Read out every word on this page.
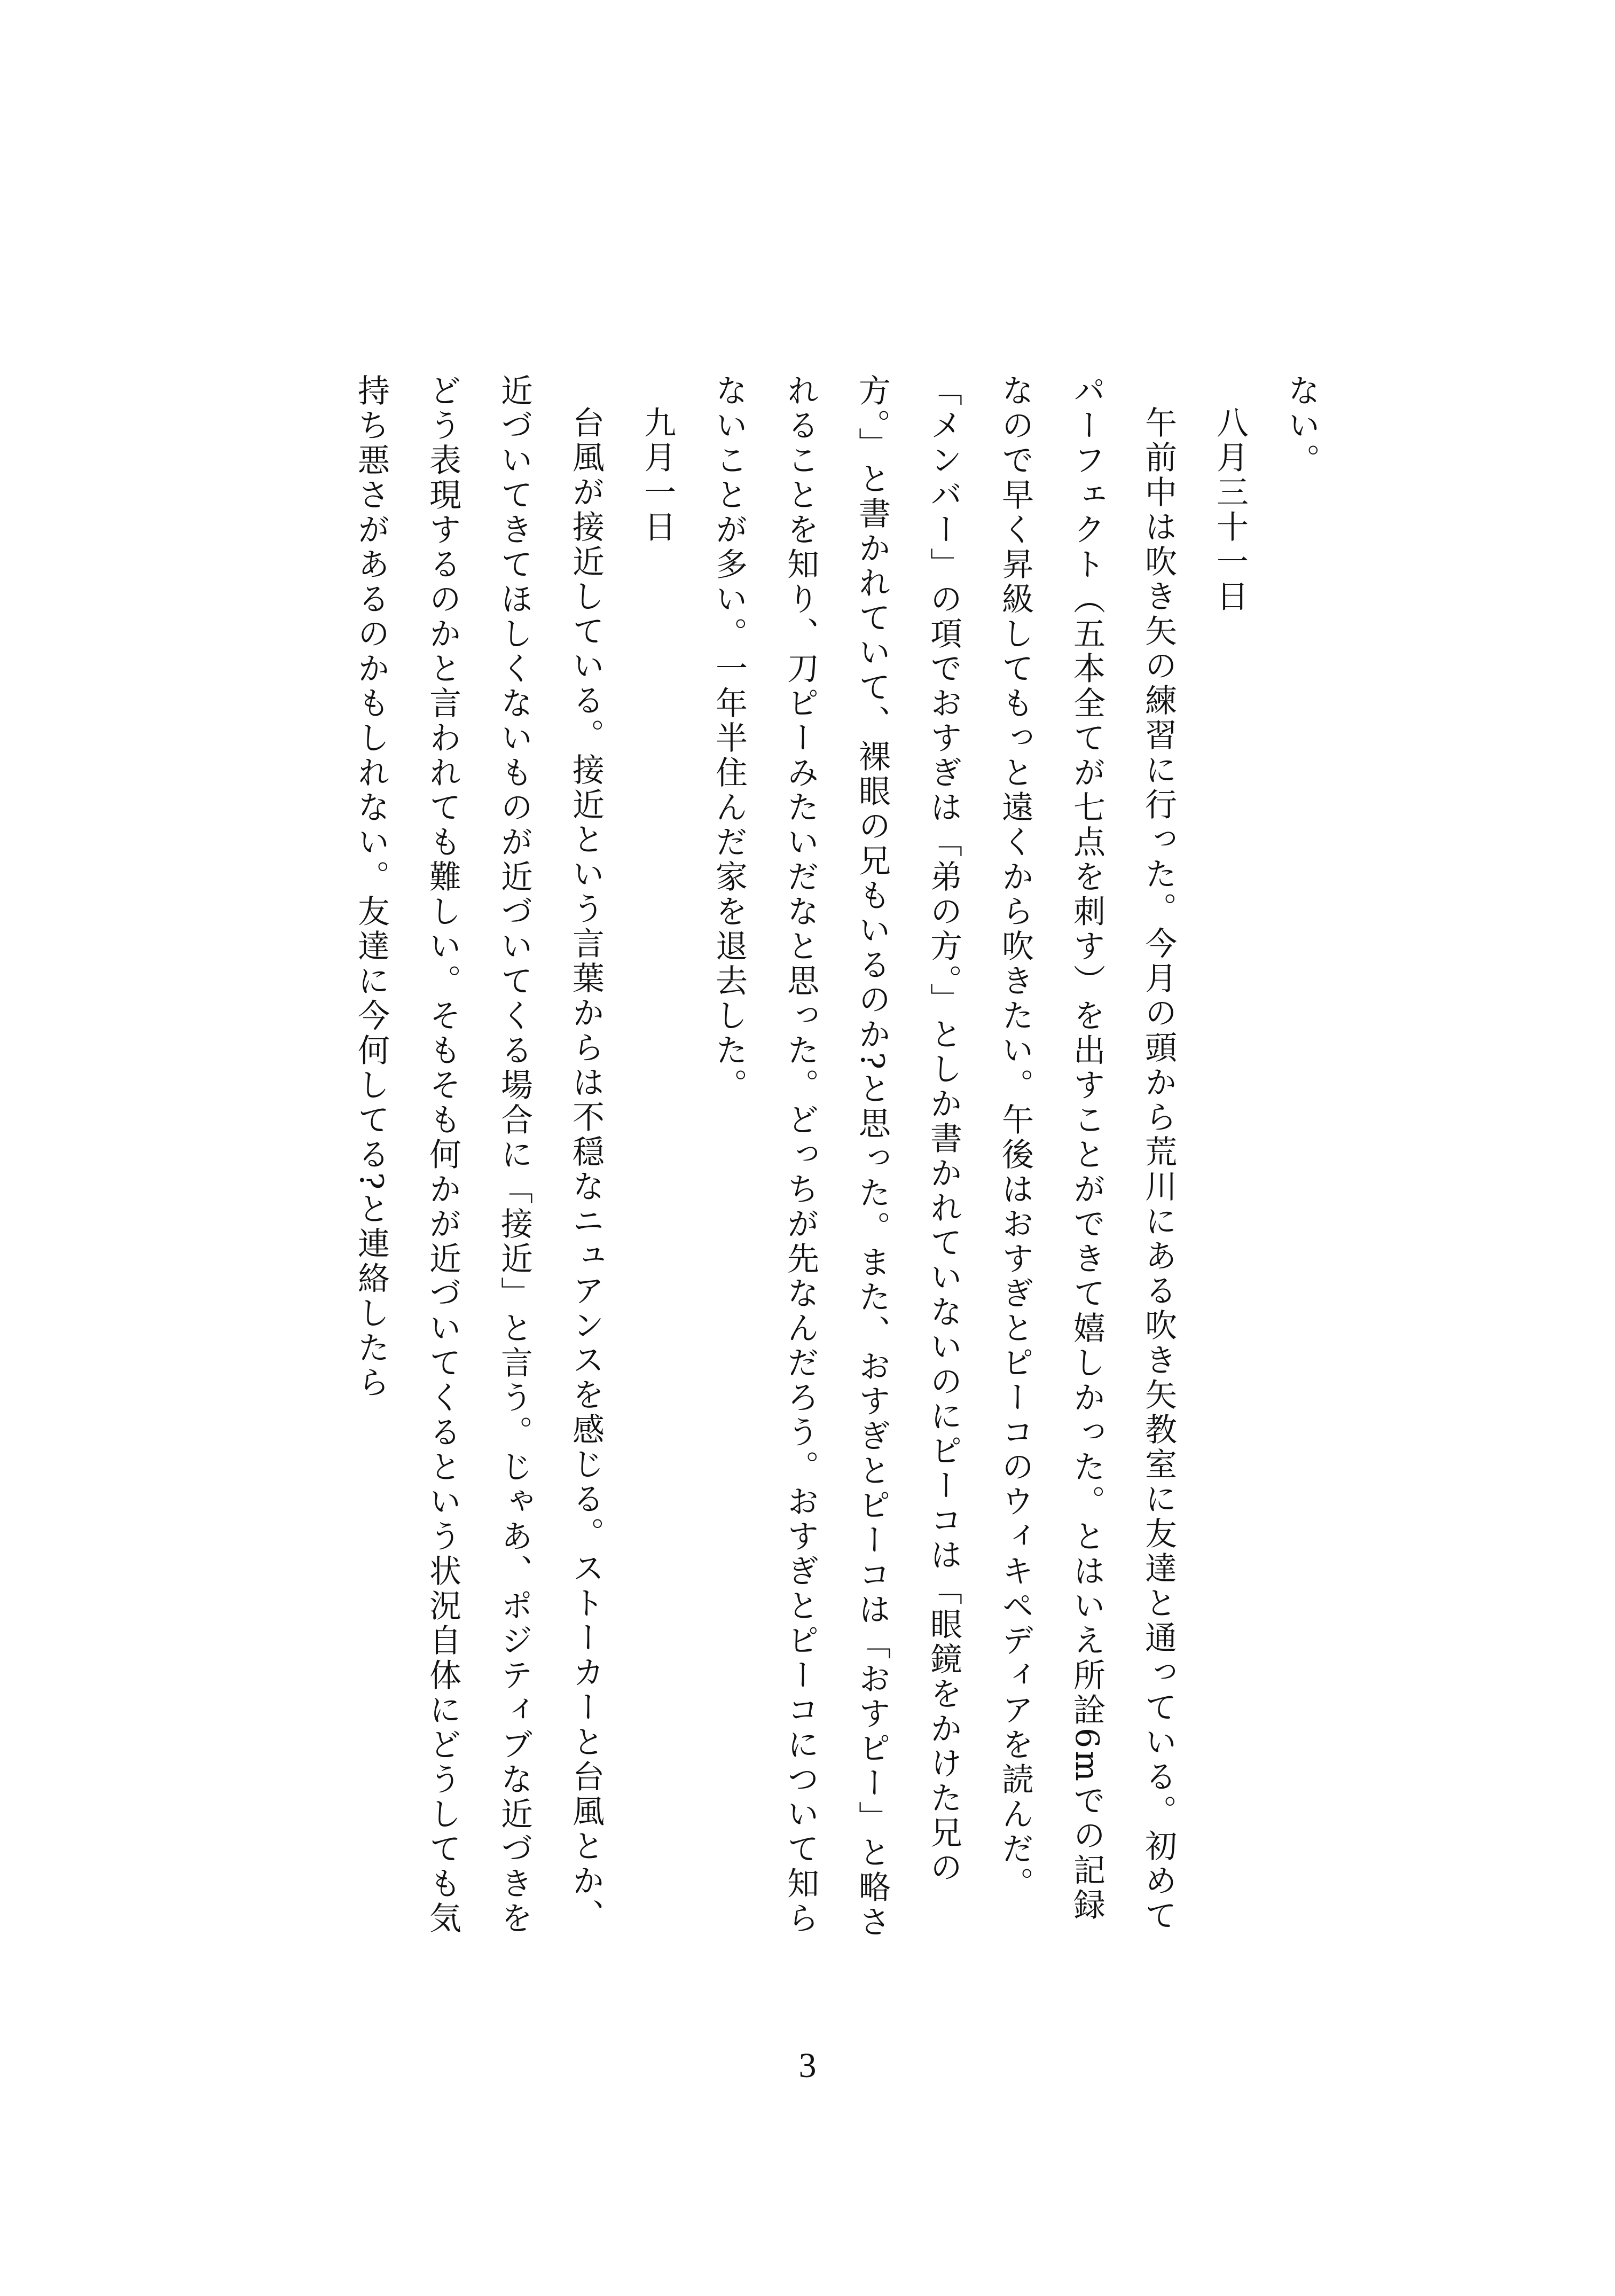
ない。

八月三十一日

午前中は吹き矢の練習に行った。今月の頭から荒川にある吹き矢教室に友達と通っている。初めてパーフェクト（五本全てが七点を刺す）を出すことができて嬉しかった。とはいえ所詮6mでの記録なので早く昇級してもっと遠くから吹きたい。午後はおすぎとピーコのウィキペディアを読んだ。「メンバー」の項でおすぎは「弟の方。」としか書かれていないのにピーコは「眼鏡をかけた兄の方。」と書かれていて、裸眼の兄もいるのか?と思った。また、おすぎとピーコは「おすピー」と略されることを知り、刀ピーみたいだなと思った。どっちが先なんだろう。おすぎとピーコについて知らないことが多い。一年半住んだ家を退去した。

九月一日

台風が接近している。接近という言葉からは不穏なニュアンスを感じる。ストーカーと台風とか、近づいてきてほしくないものが近づいてくる場合に「接近」と言う。じゃあ、ポジティブな近づきをどう表現するのかと言われても難しい。そもそも何かが近づいてくるという状況自体にどうしても気持ち悪さがあるのかもしれない。友達に今何してる?と連絡したら

3
